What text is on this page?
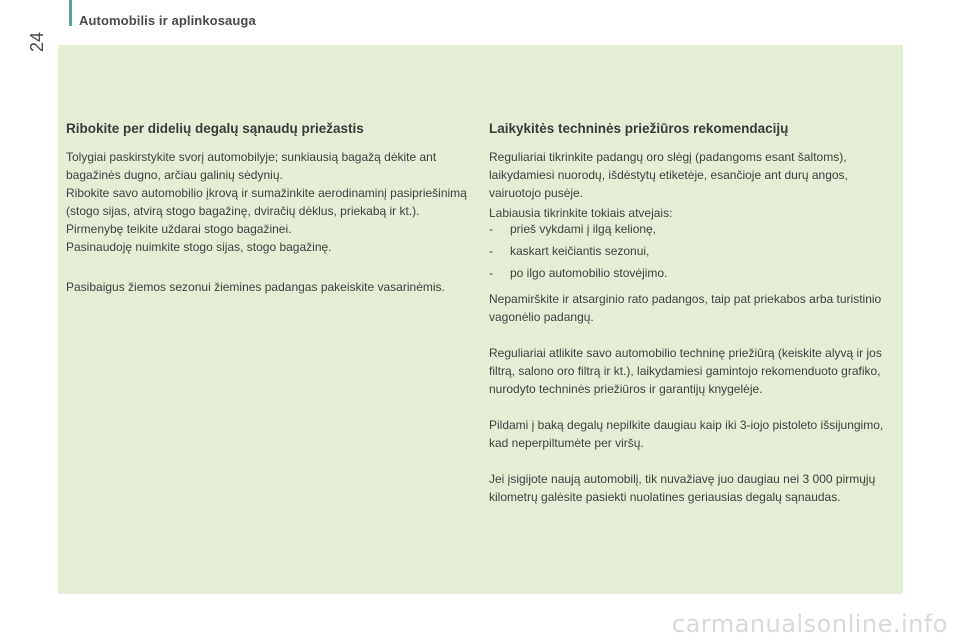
Automobilis ir aplinkosauga
24
Ribokite per didelių degalų sąnaudų priežastis

Tolygiai paskirstykite svorį automobilyje; sunkiausią bagažą dėkite ant bagažinės dugno, arčiau galinių sėdynių.

Ribokite savo automobilio įkrovą ir sumažinkite aerodinaminį pasipriešinimą (stogo sijas, atvirą stogo bagažinę, dviračių dėklus, priekabą ir kt.). Pirmenybę teikite uždarai stogo bagažinei.

Pasinaudoję nuimkite stogo sijas, stogo bagažinę.

Pasibaigus žiemos sezonui žiemines padangas pakeiskite vasarinėmis.

Laikykitės techninės priežiūros rekomendacijų

Reguliariai tikrinkite padangų oro slėgį (padangoms esant šaltoms), laikydamiesi nuorodų, išdėstytų etiketėje, esančioje ant durų angos, vairuotojo pusėje.

Labiausia tikrinkite tokiais atvejais:

- prieš vykdami į ilgą kelionę,
- kaskart keičiantis sezonui,
- po ilgo automobilio stovėjimo.

Nepamirškite ir atsarginio rato padangos, taip pat priekabos arba turistinio vagonėlio padangų.

Reguliariai atlikite savo automobilio techninę priežiūrą (keiskite alyvą ir jos filtrą, salono oro filtrą ir kt.), laikydamiesi gamintojo rekomenduoto grafiko, nurodyto techninės priežiūros ir garantijų knygelėje.

Pildami į baką degalų nepilkite daugiau kaip iki 3-iojo pistoleto išsijungimo, kad neperpiltumėte per viršų.

Jei įsigijote naują automobilį, tik nuvažiavę juo daugiau nei 3 000 pirmųjų kilometrų galėsite pasiekti nuolatines geriausias degalų sąnaudas.

carmanualsonline.info
